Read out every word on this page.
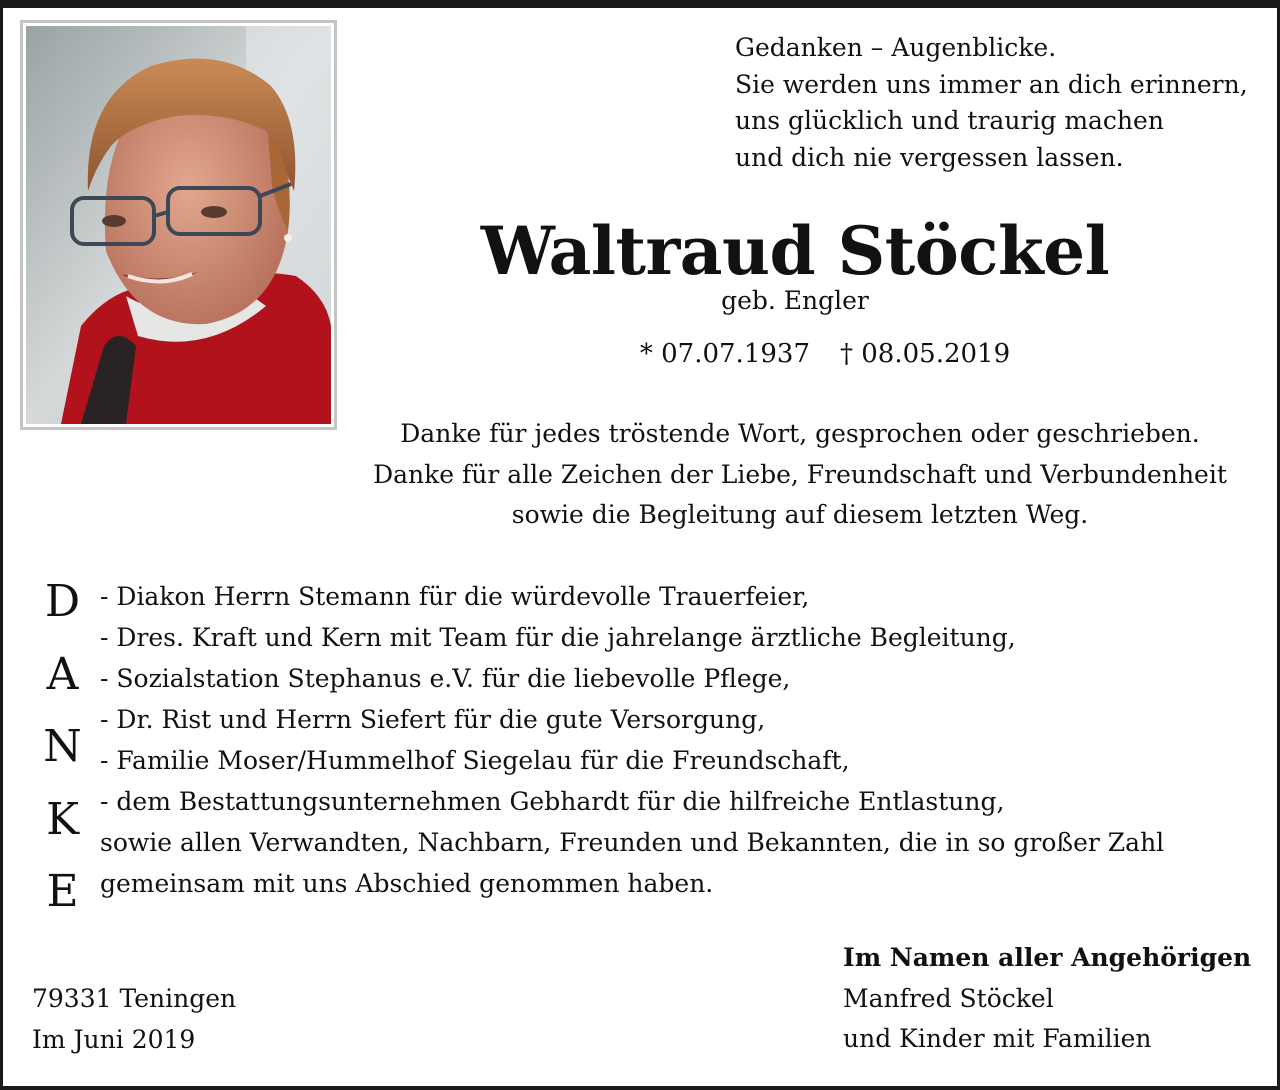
Gedanken – Augenblicke.
Sie werden uns immer an dich erinnern,
uns glücklich und traurig machen
und dich nie vergessen lassen.
Waltraud Stöckel
geb. Engler
* 07.07.1937 † 08.05.2019
Danke für jedes tröstende Wort, gesprochen oder geschrieben.
Danke für alle Zeichen der Liebe, Freundschaft und Verbundenheit
sowie die Begleitung auf diesem letzten Weg.
D
A
N
K
E
- Diakon Herrn Stemann für die würdevolle Trauerfeier,
- Dres. Kraft und Kern mit Team für die jahrelange ärztliche Begleitung,
- Sozialstation Stephanus e.V. für die liebevolle Pflege,
- Dr. Rist und Herrn Siefert für die gute Versorgung,
- Familie Moser/Hummelhof Siegelau für die Freundschaft,
- dem Bestattungsunternehmen Gebhardt für die hilfreiche Entlastung,
sowie allen Verwandten, Nachbarn, Freunden und Bekannten, die in so großer Zahl
gemeinsam mit uns Abschied genommen haben.
79331 Teningen
Im Juni 2019
Im Namen aller Angehörigen
Manfred Stöckel
und Kinder mit Familien
